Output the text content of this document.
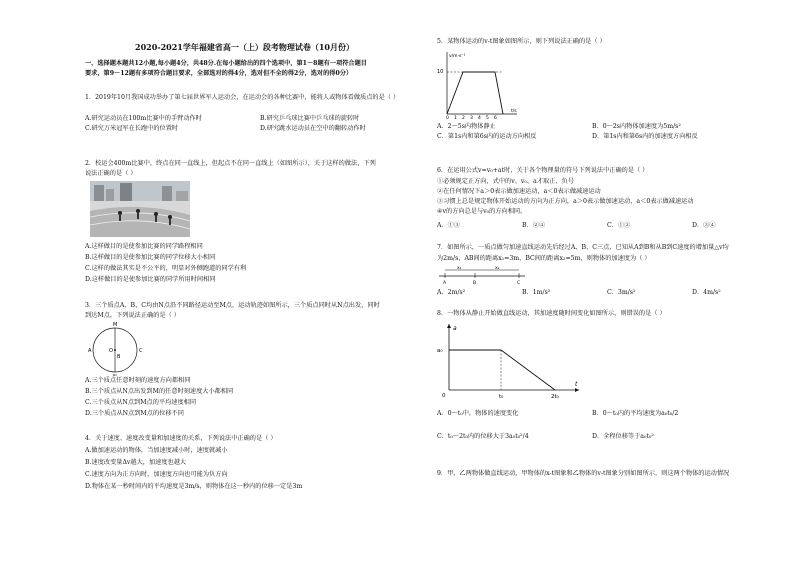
2020-2021学年福建省高一（上）段考物理试卷（10月份）
一、选择题本题共12小题,每小题4分，共48分.在每小题给出的四个选项中，第1－8题有一项符合题目
要求，第9－12题有多项符合题目要求，全部选对的得4分，选对但不全的得2分，选对的得0分）
1．2019年10月我国成功举办了第七届世界军人运动会，在运动会的各种比赛中，能将人或物体看做质点的是（ ）
A.研究运动员在100m比赛中的手臂动作时	B.研究乒乓球比赛中乒乓球的旋转时
C.研究万米冠军在长跑中的位置时	D.研究跳水运动员在空中的翻转动作时
2．校运会400m比赛中，终点在同一直线上，但起点不在同一直线上（如图所示），关于这样的做法，下列
说法正确的是（ ）
A.这样做目的是使参加比赛的同学路程相同
B.这样做目的是使参加比赛的同学位移大小相同
C.这样的做法其实是不公平的，明显对外侧跑道的同学有利
D.这样做目的是使参加比赛的同学所用时间相同
3．三个质点A、B、C均由N点沿不同路径运动至M点，运动轨迹如图所示，三个质点同时从N点出发，同时
到达M点，下列说法正确的是（ ）
M
A
B
C
O
A.三个质点任意时刻的速度方向都相同
B.三个质点从N点出发到M的任意时刻速度大小都相同
C.三个质点从N点到M点的平均速度相同
D.三个质点从N点到M点的位移不同
4．关于速度、速度改变量和加速度的关系，下列说法中正确的是（ ）
A.做加速运动的物体，当加速度减小时，速度就减小
B.速度改变量Δv越大，加速度也越大
C.速度方向为正方向时，加速度方向也可能为负方向
D.物体在某一秒时间内的平均速度是3m/s，则物体在这一秒内的位移一定是3m
5．某物体运动的v-t图象如图所示，则下列说法正确的是（ ）
v/m·s⁻¹
10
t/s
0 1 2 3 4 5 6
A．2～5s内物体静止	B．0～2s内物体加速度为5m/s²
C．第1s内和第6s内的运动方向相反	D．第1s内和第6s内的加速度方向相反
6．在运用公式v=v₀+at时，关于各个物理量的符号下列说法中正确的是（ ）
①必须规定正方向，式中的v、v₀、a才取正、负号
②在任何情况下a＞0表示做加速运动，a＜0表示做减速运动
③习惯上总是规定物体开始运动的方向为正方向，a＞0表示做加速运动，a＜0表示做减速运动
④v的方向总是与v₀的方向相同。
A．①③	B．②④	C．①②	D．③④
7．如图所示，一质点做匀加速直线运动先后经过A、B、C三点，已知从A到B和从B到C速度的增加量△v均
为2m/s，AB间的距离x₁=3m，BC间的距离x₂=5m，则物体的加速度为（ ）
x₁	x₂
A	B	C
A．2m/s²	B．1m/s²	C．3m/s²	D．4m/s²
8．一物体从静止开始做直线运动，其加速度随时间变化如图所示，则错误的是（ ）
a
a₀
t
0	t₀	2t₀
A．0～t₀中，物体的速度变化	B．0～t₀内的平均速度为a₀t₀/2
C．t₀～2t₀内的位移大于3a₀t₀²/4	D．全程位移等于a₀t₀²
9．甲、乙两物体做直线运动，甲物体的x-t图象和乙物体的v-t图象分别如图所示，则这两个物体的运动情况
